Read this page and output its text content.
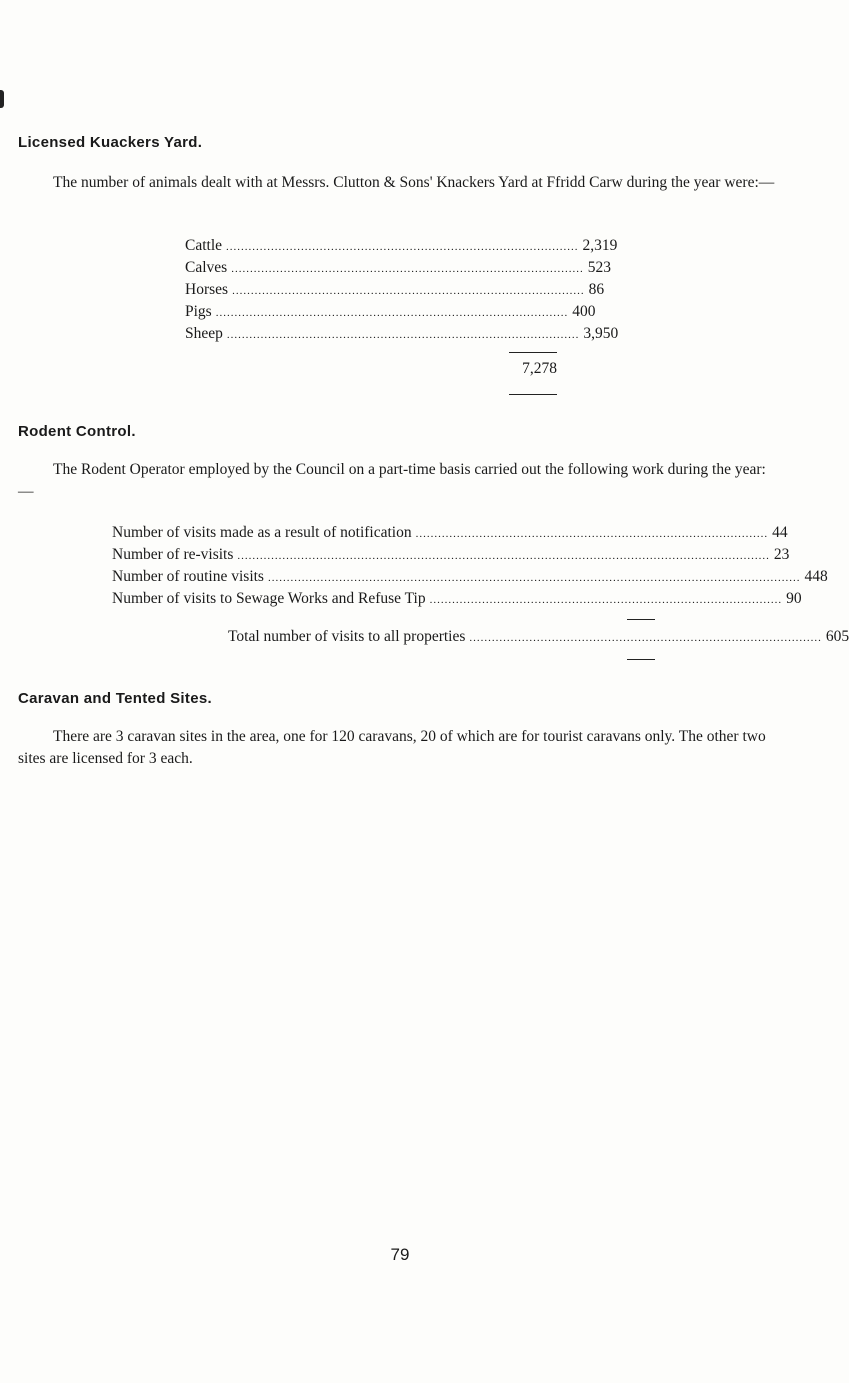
Licensed Kuackers Yard.
The number of animals dealt with at Messrs. Clutton & Sons' Knackers Yard at Ffridd Carw during the year were:—
Cattle .............................................................................................. 2,319
Calves .............................................................................................. 523
Horses .............................................................................................. 86
Pigs .............................................................................................. 400
Sheep .............................................................................................. 3,950
7,278
Rodent Control.
The Rodent Operator employed by the Council on a part-time basis carried out the following work during the year:—
Number of visits made as a result of notification .............................................................................................. 44
Number of re-visits .............................................................................................................................................. 23
Number of routine visits .............................................................................................................................................. 448
Number of visits to Sewage Works and Refuse Tip .............................................................................................. 90
Total number of visits to all properties .............................................................................................. 605
Caravan and Tented Sites.
There are 3 caravan sites in the area, one for 120 caravans, 20 of which are for tourist caravans only. The other two sites are licensed for 3 each.
79
